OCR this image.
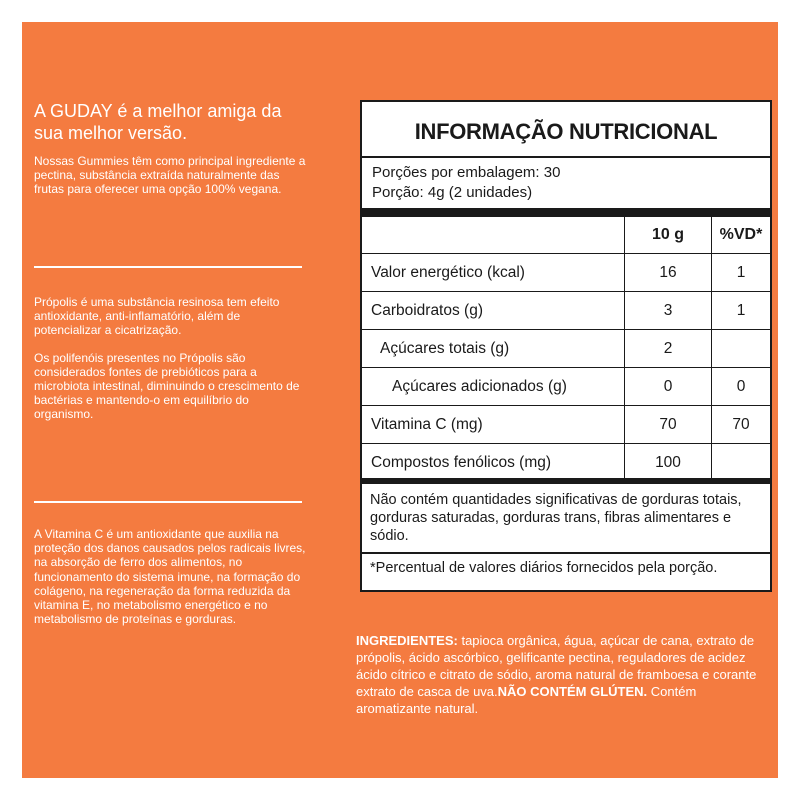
A GUDAY é a melhor amiga da sua melhor versão.

Nossas Gummies têm como principal ingrediente a pectina, substância extraída naturalmente das frutas para oferecer uma opção 100% vegana.

Própolis é uma substância resinosa tem efeito antioxidante, anti-inflamatório, além de potencializar a cicatrização.

Os polifenóis presentes no Própolis são considerados fontes de prebióticos para a microbiota intestinal, diminuindo o crescimento de bactérias e mantendo-o em equilíbrio do organismo.

A Vitamina C é um antioxidante que auxilia na proteção dos danos causados pelos radicais livres, na absorção de ferro dos alimentos, no funcionamento do sistema imune, na formação do colágeno, na regeneração da forma reduzida da vitamina E, no metabolismo energético e no metabolismo de proteínas e gorduras.

INFORMAÇÃO NUTRICIONAL
Porções por embalagem: 30
Porção: 4g (2 unidades)
	10 g	%VD*
Valor energético (kcal)	16	1
Carboidratos (g)	3	1
Açúcares totais (g)	2	
Açúcares adicionados (g)	0	0
Vitamina C (mg)	70	70
Compostos fenólicos (mg)	100	
Não contém quantidades significativas de gorduras totais, gorduras saturadas, gorduras trans, fibras alimentares e sódio.
*Percentual de valores diários fornecidos pela porção.
INGREDIENTES: tapioca orgânica, água, açúcar de cana, extrato de própolis, ácido ascórbico, gelificante pectina, reguladores de acidez ácido cítrico e citrato de sódio, aroma natural de framboesa e corante extrato de casca de uva.NÃO CONTÉM GLÚTEN. Contém aromatizante natural.
